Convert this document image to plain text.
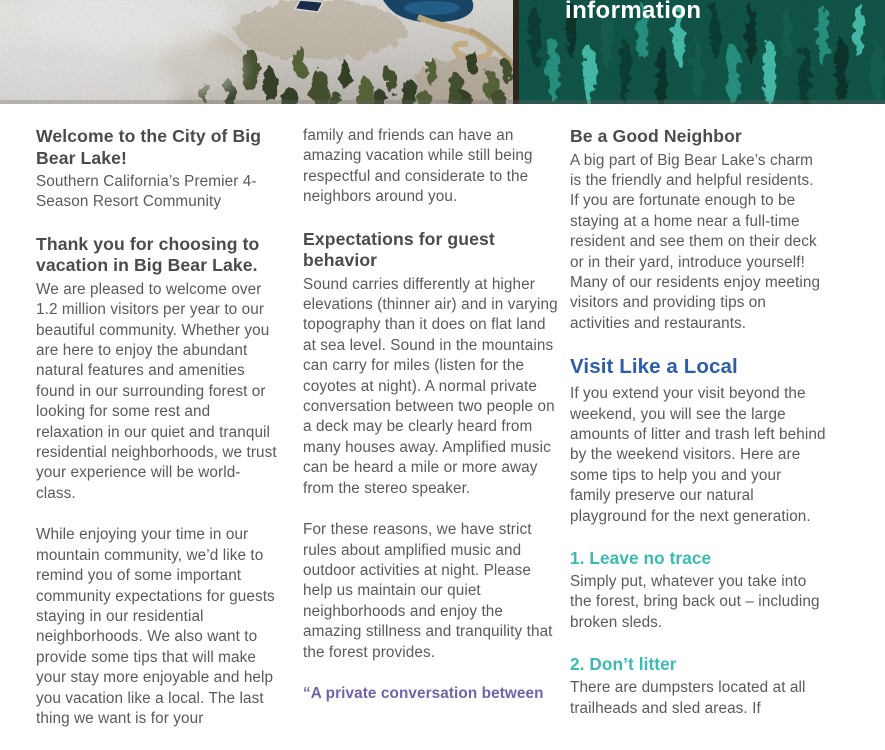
information
Welcome to the City of Big Bear Lake!

Southern California’s Premier 4-Season Resort Community

Thank you for choosing to vacation in Big Bear Lake.

We are pleased to welcome over 1.2 million visitors per year to our beautiful community. Whether you are here to enjoy the abundant natural features and amenities found in our surrounding forest or looking for some rest and relaxation in our quiet and tranquil residential neighborhoods, we trust your experience will be world-class.

While enjoying your time in our mountain community, we’d like to remind you of some important community expectations for guests staying in our residential neighborhoods. We also want to provide some tips that will make your stay more enjoyable and help you vacation like a local. The last thing we want is for your

family and friends can have an amazing vacation while still being respectful and considerate to the neighbors around you.

Expectations for guest behavior

Sound carries differently at higher elevations (thinner air) and in varying topography than it does on flat land at sea level. Sound in the mountains can carry for miles (listen for the coyotes at night). A normal private conversation between two people on a deck may be clearly heard from many houses away. Amplified music can be heard a mile or more away from the stereo speaker.

For these reasons, we have strict rules about amplified music and outdoor activities at night. Please help us maintain our quiet neighborhoods and enjoy the amazing stillness and tranquility that the forest provides.

“A private conversation between

Be a Good Neighbor

A big part of Big Bear Lake’s charm is the friendly and helpful residents. If you are fortunate enough to be staying at a home near a full-time resident and see them on their deck or in their yard, introduce yourself! Many of our residents enjoy meeting visitors and providing tips on activities and restaurants.

Visit Like a Local

If you extend your visit beyond the weekend, you will see the large amounts of litter and trash left behind by the weekend visitors. Here are some tips to help you and your family preserve our natural playground for the next generation.

1. Leave no trace

Simply put, whatever you take into the forest, bring back out – including broken sleds.

2. Don’t litter

There are dumpsters located at all trailheads and sled areas. If
